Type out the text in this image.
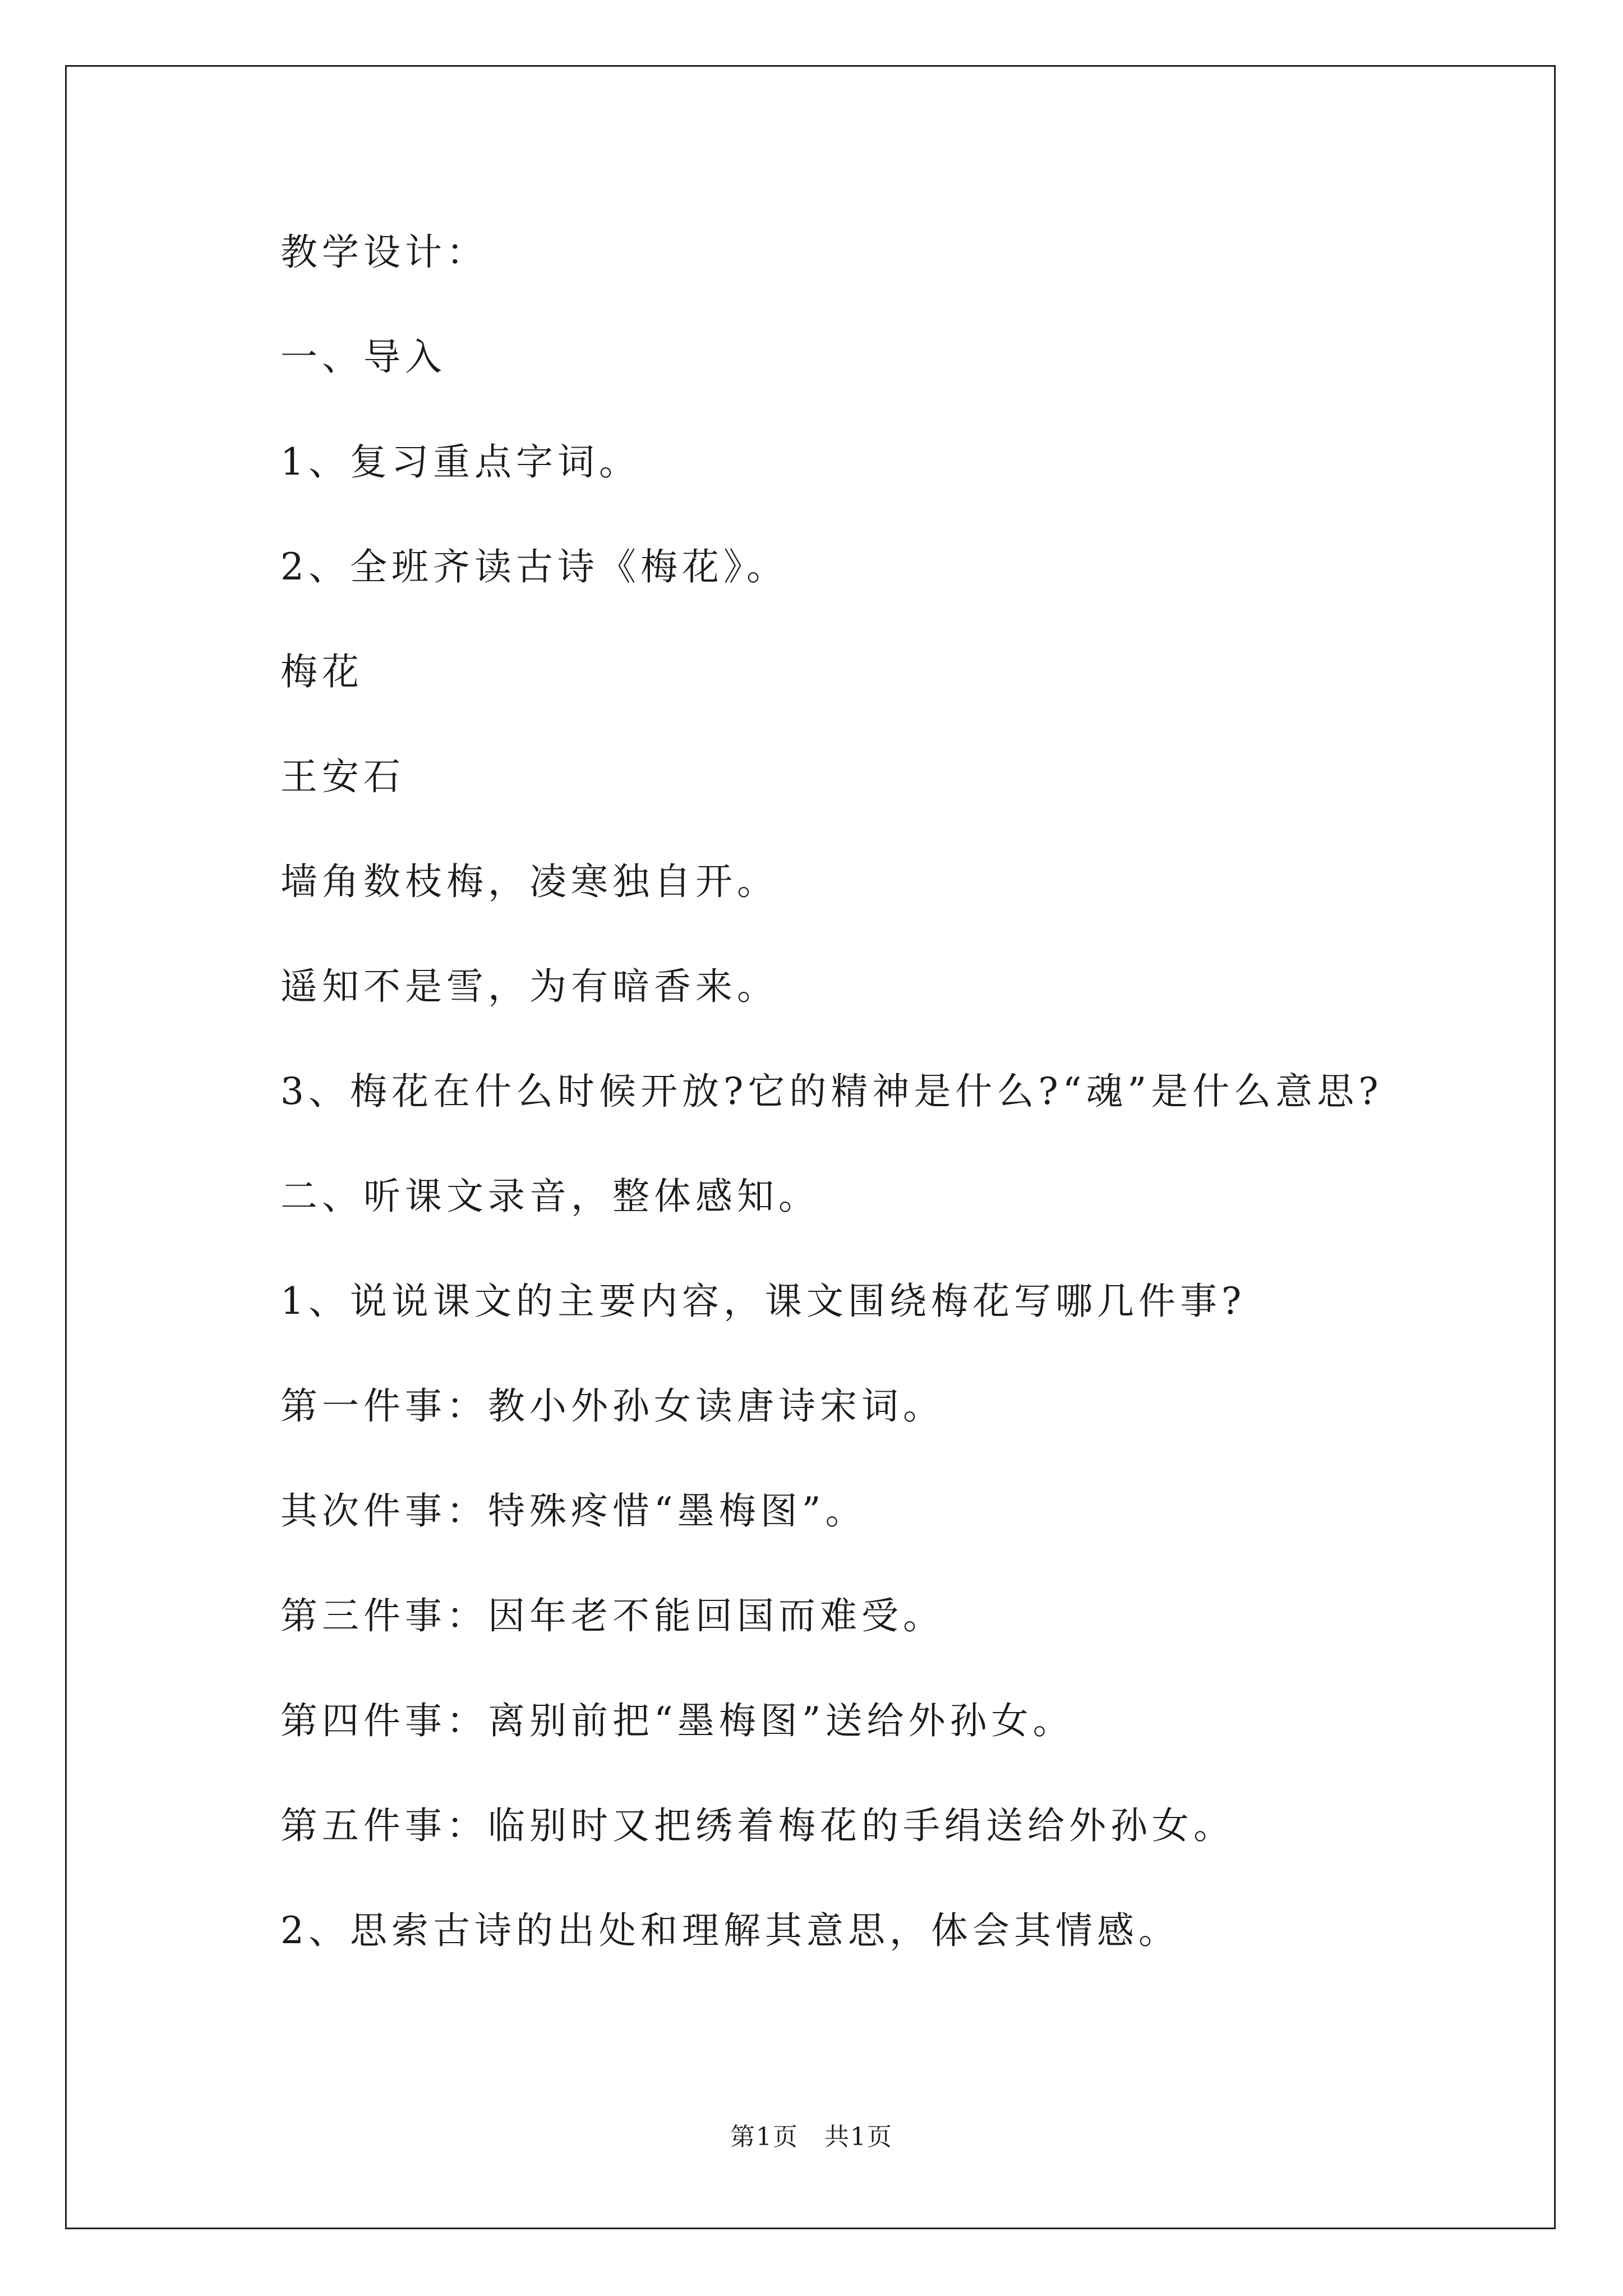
教学设计：
一、导入
1、复习重点字词。
2、全班齐读古诗《梅花》。
梅花
王安石
墙角数枝梅，凌寒独自开。
遥知不是雪，为有暗香来。
3、梅花在什么时候开放?它的精神是什么?“魂”是什么意思?
二、听课文录音，整体感知。
1、说说课文的主要内容，课文围绕梅花写哪几件事?
第一件事：教小外孙女读唐诗宋词。
其次件事：特殊疼惜“墨梅图”。
第三件事：因年老不能回国而难受。
第四件事：离别前把“墨梅图”送给外孙女。
第五件事：临别时又把绣着梅花的手绢送给外孙女。
2、思索古诗的出处和理解其意思，体会其情感。
第1页　共1页
